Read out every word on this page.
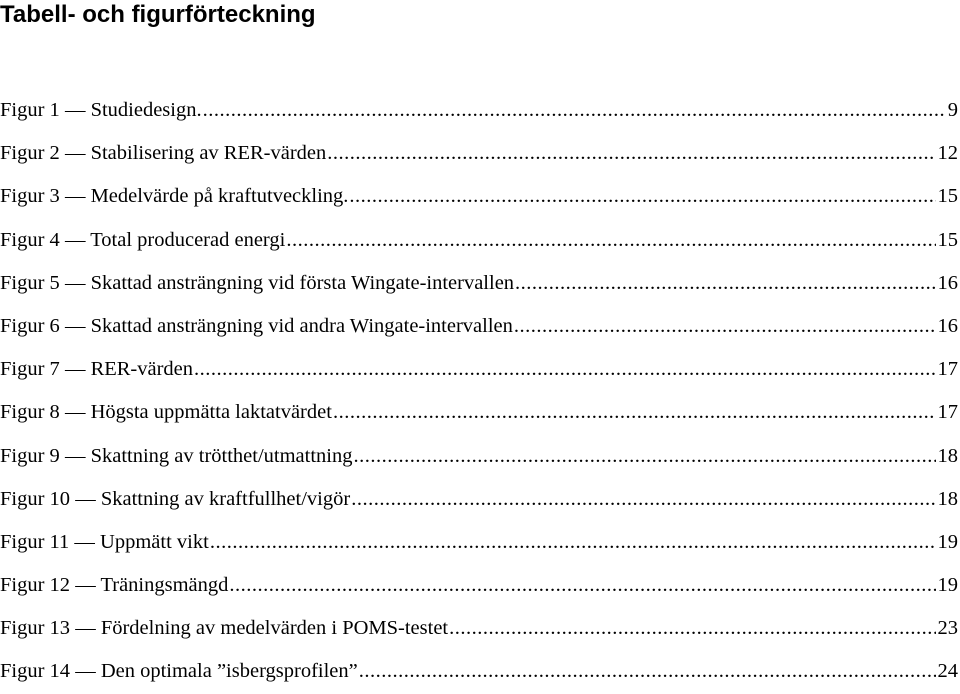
Tabell- och figurförteckning
Figur 1 — Studiedesign. .....	9
Figur 2 — Stabilisering av RER-värden .....	12
Figur 3 — Medelvärde på kraftutveckling. .....	15
Figur 4 — Total producerad energi .....	15
Figur 5 — Skattad ansträngning vid första Wingate-intervallen .....	16
Figur 6 — Skattad ansträngning vid andra Wingate-intervallen .....	16
Figur 7 — RER-värden .....	17
Figur 8 — Högsta uppmätta laktatvärdet .....	17
Figur 9 — Skattning av trötthet/utmattning .....	18
Figur 10 — Skattning av kraftfullhet/vigör .....	18
Figur 11 — Uppmätt vikt .....	19
Figur 12 — Träningsmängd .....	19
Figur 13 — Fördelning av medelvärden i POMS-testet .....	23
Figur 14 — Den optimala ”isbergsprofilen” .....	24
